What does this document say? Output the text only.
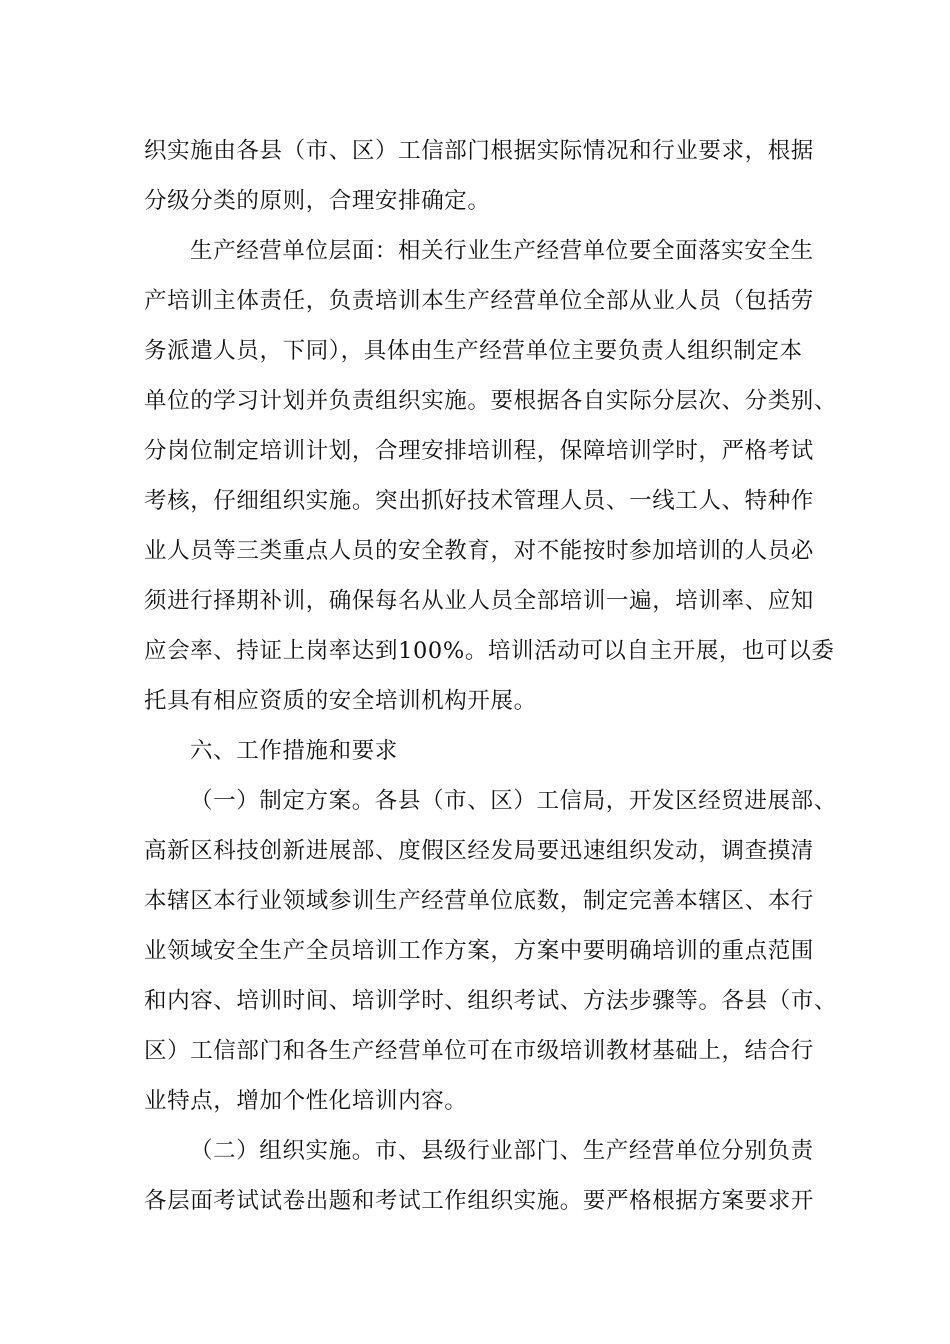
织实施由各县（市、区）工信部门根据实际情况和行业要求，根据
分级分类的原则，合理安排确定。
生产经营单位层面：相关行业生产经营单位要全面落实安全生
产培训主体责任，负责培训本生产经营单位全部从业人员（包括劳
务派遣人员，下同），具体由生产经营单位主要负责人组织制定本
单位的学习计划并负责组织实施。要根据各自实际分层次、分类别、
分岗位制定培训计划，合理安排培训程，保障培训学时，严格考试
考核，仔细组织实施。突出抓好技术管理人员、一线工人、特种作
业人员等三类重点人员的安全教育，对不能按时参加培训的人员必
须进行择期补训，确保每名从业人员全部培训一遍，培训率、应知
应会率、持证上岗率达到100%。培训活动可以自主开展，也可以委
托具有相应资质的安全培训机构开展。
六、工作措施和要求
（一）制定方案。各县（市、区）工信局，开发区经贸进展部、
高新区科技创新进展部、度假区经发局要迅速组织发动，调查摸清
本辖区本行业领域参训生产经营单位底数，制定完善本辖区、本行
业领域安全生产全员培训工作方案，方案中要明确培训的重点范围
和内容、培训时间、培训学时、组织考试、方法步骤等。各县（市、
区）工信部门和各生产经营单位可在市级培训教材基础上，结合行
业特点，增加个性化培训内容。
（二）组织实施。市、县级行业部门、生产经营单位分别负责
各层面考试试卷出题和考试工作组织实施。要严格根据方案要求开
